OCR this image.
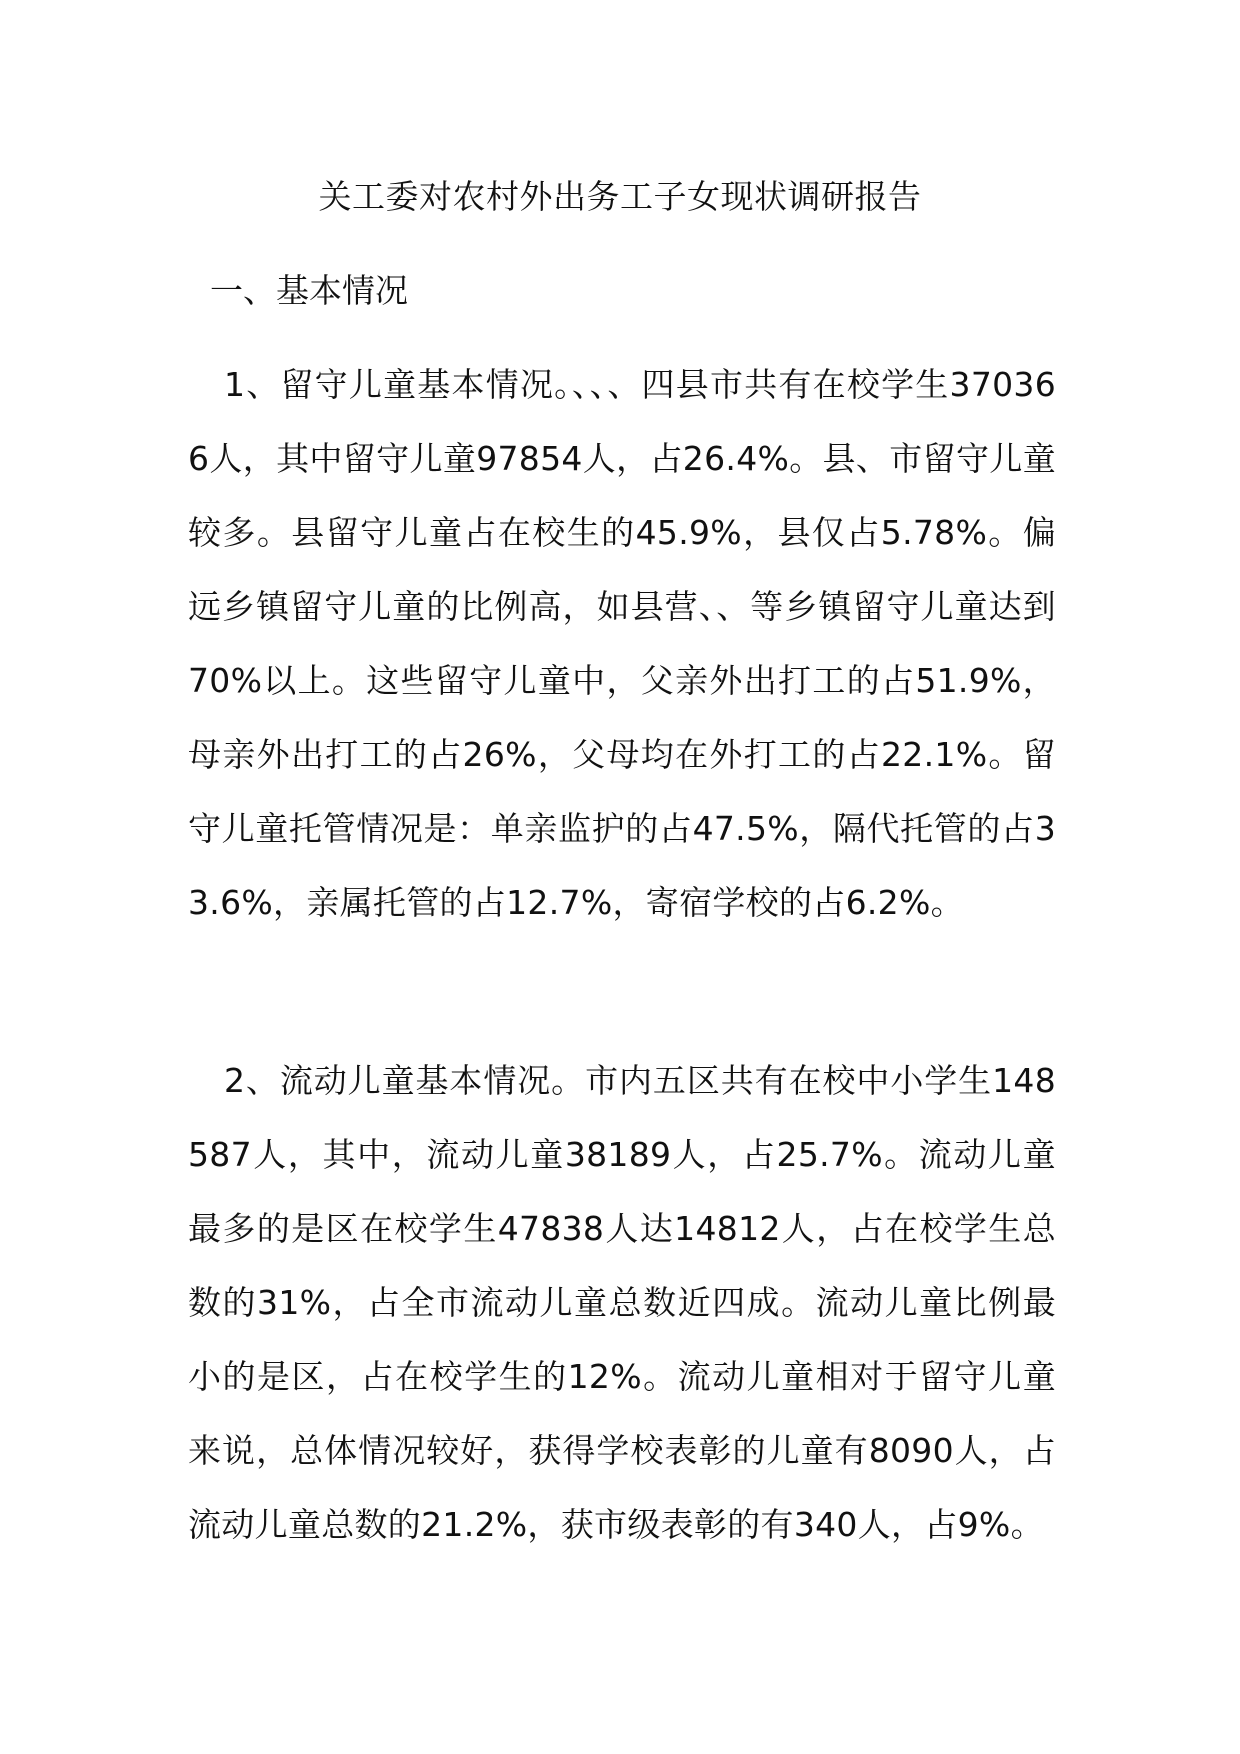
关工委对农村外出务工子女现状调研报告
一、基本情况

1、留守儿童基本情况。、、、四县市共有在校学生370366人，其中留守儿童97854人，占26.4%。县、市留守儿童较多。县留守儿童占在校生的45.9%，县仅占5.78%。偏远乡镇留守儿童的比例高，如县营、、等乡镇留守儿童达到70%以上。这些留守儿童中，父亲外出打工的占51.9%，母亲外出打工的占26%，父母均在外打工的占22.1%。留守儿童托管情况是：单亲监护的占47.5%，隔代托管的占33.6%，亲属托管的占12.7%，寄宿学校的占6.2%。

2、流动儿童基本情况。市内五区共有在校中小学生148587人，其中，流动儿童38189人，占25.7%。流动儿童最多的是区在校学生47838人达14812人，占在校学生总数的31%，占全市流动儿童总数近四成。流动儿童比例最小的是区，占在校学生的12%。流动儿童相对于留守儿童来说，总体情况较好，获得学校表彰的儿童有8090人，占流动儿童总数的21.2%，获市级表彰的有340人，占9%。
